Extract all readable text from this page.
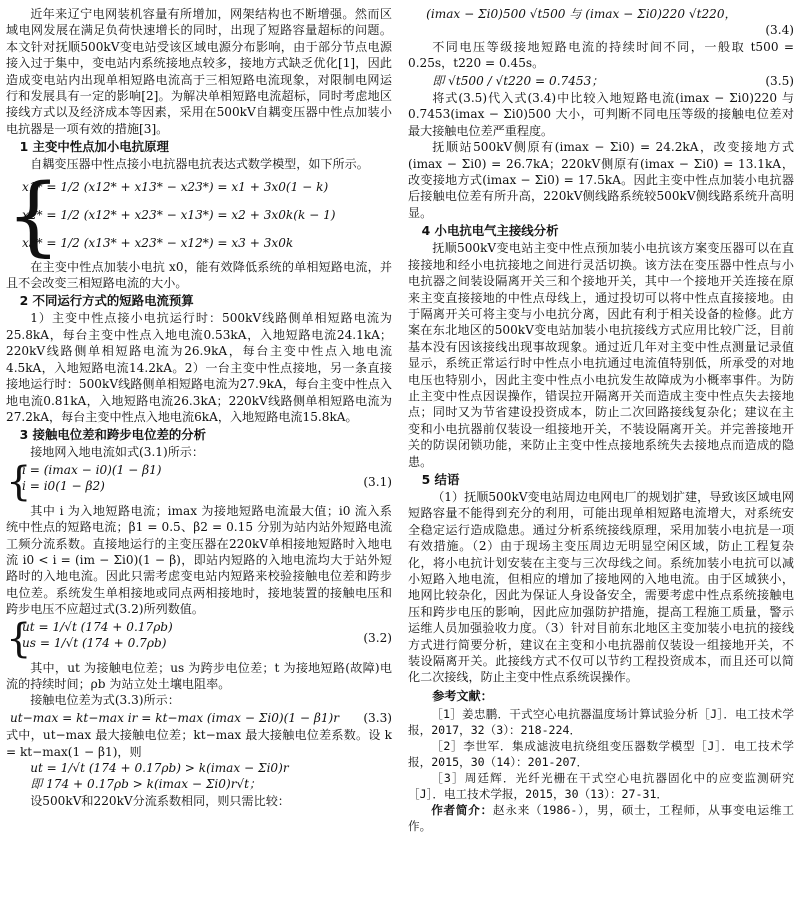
近年来辽宁电网装机容量有所增加，网架结构也不断增强。然而区域电网发展在满足负荷快速增长的同时，出现了短路容量超标的问题。本文针对抚顺500kV变电站受该区域电源分布影响，由于部分节点电源接入过于集中，变电站内系统接地点较多，接地方式缺乏优化[1]，因此造成变电站内出现单相短路电流高于三相短路电流现象，对限制电网运行和发展具有一定的影响[2]。为解决单相短路电流超标，同时考虑地区接线方式以及经济成本等因素，采用在500kV自耦变压器中性点加装小电抗器是一项有效的措施[3]。

1 主变中性点加小电抗原理

自耦变压器中性点接小电抗器电抗表达式数学模型，如下所示。

{
x1* = 1/2 (x12* + x13* − x23*) = x1 + 3x0(1 − k)
x2* = 1/2 (x12* + x23* − x13*) = x2 + 3x0k(k − 1)
x3* = 1/2 (x13* + x23* − x12*) = x3 + 3x0k

在主变中性点加装小电抗 x0，能有效降低系统的单相短路电流，并且不会改变三相短路电流的大小。

2 不同运行方式的短路电流预算

1）主变中性点接小电抗运行时：500kV线路侧单相短路电流为25.8kA，每台主变中性点入地电流0.53kA，入地短路电流24.1kA；220kV线路侧单相短路电流为26.9kA，每台主变中性点入地电流4.5kA，入地短路电流14.2kA。2）一台主变中性点接地，另一条直接接地运行时：500kV线路侧单相短路电流为27.9kA，每台主变中性点入地电流0.81kA，入地短路电流26.3kA；220kV线路侧单相短路电流为27.2kA，每台主变中性点入地电流6kA，入地短路电流15.8kA。

3 接触电位差和跨步电位差的分析

接地网入地电流如式(3.1)所示：

{
i = (imax − i0)(1 − β1)
i = i0(1 − β2)	(3.1)

其中 i 为入地短路电流；imax 为接地短路电流最大值；i0 流入系统中性点的短路电流；β1 = 0.5、β2 = 0.15 分别为站内站外短路电流工频分流系数。直接地运行的主变压器在220kV单相接地短路时入地电流 i0 < i = (im − Σi0)(1 − β)，即站内短路的入地电流均大于站外短路时的入地电流。因此只需考虑变电站内短路来校验接触电位差和跨步电位差。系统发生单相接地或同点两相接地时，接地装置的接触电压和跨步电压不应超过式(3.2)所列数值。

{
ut = 1/√t (174 + 0.17ρb)
us = 1/√t (174 + 0.7ρb)	(3.2)

其中，ut 为接触电位差；us 为跨步电位差；t 为接地短路(故障)电流的持续时间；ρb 为站立处土壤电阻率。

接触电位差为式(3.3)所示：

ut−max = kt−max ir = kt−max (imax − Σi0)(1 − β1)r	(3.3)

式中，ut−max 最大接触电位差；kt−max 最大接触电位差系数。设 k = kt−max(1 − β1)，则

ut = 1/√t (174 + 0.17ρb) > k(imax − Σi0)r
即 174 + 0.17ρb > k(imax − Σi0)r√t；

设500kV和220kV分流系数相同，则只需比较：

(imax − Σi0)500 √t500 与 (imax − Σi0)220 √t220，
(3.4)

不同电压等级接地短路电流的持续时间不同，一般取 t500 = 0.25s，t220 = 0.45s。

即 √t500 / √t220 = 0.7453；	(3.5)

将式(3.5)代入式(3.4)中比较入地短路电流(imax − Σi0)220 与 0.7453(imax − Σi0)500 大小，可判断不同电压等级的接触电位差对最大接触电位差严重程度。

抚顺站500kV侧原有(imax − Σi0) = 24.2kA，改变接地方式(imax − Σi0) = 26.7kA；220kV侧原有(imax − Σi0) = 13.1kA，改变接地方式(imax − Σi0) = 17.5kA。因此主变中性点加装小电抗器后接触电位差有所升高，220kV侧线路系统较500kV侧线路系统升高明显。

4 小电抗电气主接线分析

抚顺500kV变电站主变中性点预加装小电抗该方案变压器可以在直接接地和经小电抗接地之间进行灵活切换。该方法在变压器中性点与小电抗器之间装设隔离开关三和个接地开关，其中一个接地开关连接在原来主变直接接地的中性点母线上，通过投切可以将中性点直接接地。由于隔离开关可将主变与小电抗分离，因此有利于相关设备的检修。此方案在东北地区的500kV变电站加装小电抗接线方式应用比较广泛，目前基本没有因该接线出现事故现象。通过近几年对主变中性点测量记录值显示，系统正常运行时中性点小电抗通过电流值特别低，所承受的对地电压也特别小，因此主变中性点小电抗发生故障成为小概率事件。为防止主变中性点因误操作，错误拉开隔离开关而造成主变中性点失去接地点；同时又为节省建设投资成本，防止二次回路接线复杂化；建议在主变和小电抗器前仅装设一组接地开关，不装设隔离开关。并完善接地开关的防误闭锁功能，来防止主变中性点接地系统失去接地点而造成的隐患。

5 结语

（1）抚顺500kV变电站周边电网电厂的规划扩建，导致该区域电网短路容量不能得到充分的利用，可能出现单相短路电流增大，对系统安全稳定运行造成隐患。通过分析系统接线原理，采用加装小电抗是一项有效措施。（2）由于现场主变压周边无明显空闲区域，防止工程复杂化，将小电抗计划安装在主变与三次母线之间。系统加装小电抗可以减小短路入地电流，但相应的增加了接地网的入地电流。由于区域狭小，地网比较杂化，因此为保证人身设备安全，需要考虑中性点系统接触电压和跨步电压的影响，因此应加强防护措施，提高工程施工质量，警示运维人员加强验收力度。（3）针对目前东北地区主变加装小电抗的接线方式进行简要分析，建议在主变和小电抗器前仅装设一组接地开关，不装设隔离开关。此接线方式不仅可以节约工程投资成本，而且还可以简化二次接线，防止主变中性点系统误操作。

参考文献：

［1］姜忠鹏．干式空心电抗器温度场计算试验分析［J］．电工技术学报，2017，32（3）：218-224．

［2］李世军．集成滤波电抗绕组变压器数学模型［J］．电工技术学报，2015，30（14）：201-207．

［3］周廷辉．光纤光栅在干式空心电抗器固化中的应变监测研究［J］．电工技术学报，2015，30（13）：27-31．

作者简介：赵永来（1986-），男，硕士，工程师，从事变电运维工作。
